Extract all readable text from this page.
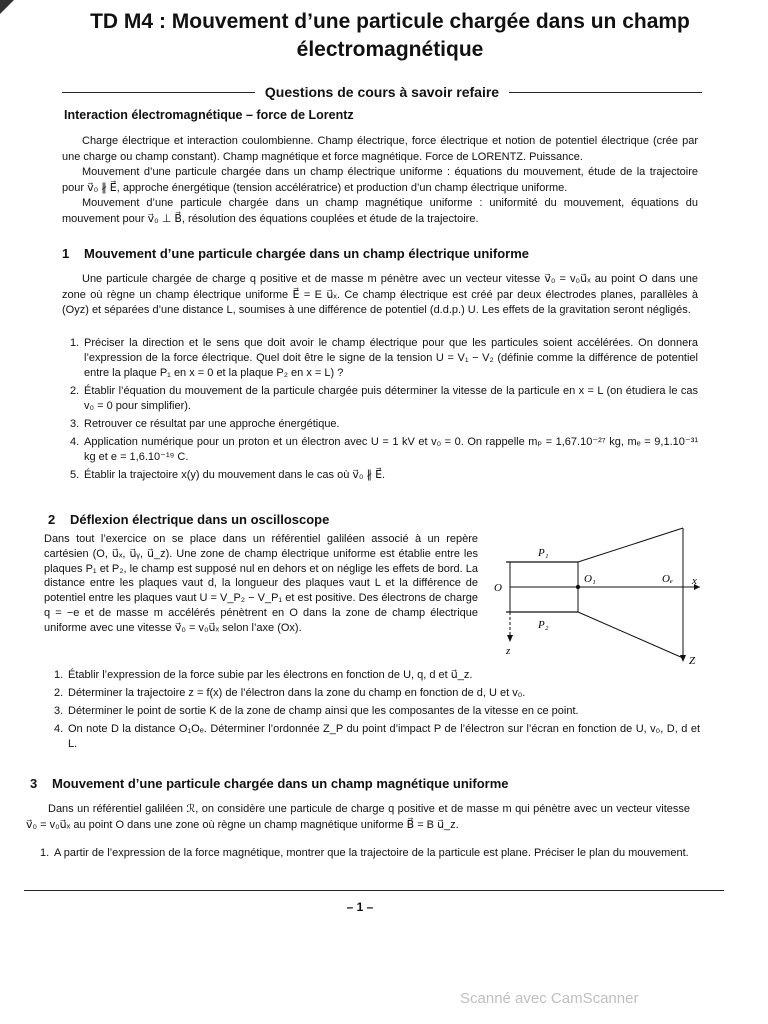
TD M4 : Mouvement d’une particule chargée dans un champ électromagnétique
Questions de cours à savoir refaire
Interaction électromagnétique – force de Lorentz

Charge électrique et interaction coulombienne. Champ électrique, force électrique et notion de potentiel électrique (crée par une charge ou champ constant). Champ magnétique et force magnétique. Force de LORENTZ. Puissance.

Mouvement d’une particule chargée dans un champ électrique uniforme : équations du mouvement, étude de la trajectoire pour v⃗₀ ∦ E⃗, approche énergétique (tension accélératrice) et production d’un champ électrique uniforme.

Mouvement d’une particule chargée dans un champ magnétique uniforme : uniformité du mouvement, équations du mouvement pour v⃗₀ ⊥ B⃗, résolution des équations couplées et étude de la trajectoire.

1 Mouvement d’une particule chargée dans un champ électrique uniforme
Une particule chargée de charge q positive et de masse m pénètre avec un vecteur vitesse v⃗₀ = v₀u⃗ₓ au point O dans une zone où règne un champ électrique uniforme E⃗ = E u⃗ₓ. Ce champ électrique est créé par deux électrodes planes, parallèles à (Oyz) et séparées d’une distance L, soumises à une différence de potentiel (d.d.p.) U. Les effets de la gravitation seront négligés.
1. Préciser la direction et le sens que doit avoir le champ électrique pour que les particules soient accélérées. On donnera l’expression de la force électrique. Quel doit être le signe de la tension U = V₁ − V₂ (définie comme la différence de potentiel entre la plaque P₁ en x = 0 et la plaque P₂ en x = L) ?
2. Établir l’équation du mouvement de la particule chargée puis déterminer la vitesse de la particule en x = L (on étudiera le cas v₀ = 0 pour simplifier).
3. Retrouver ce résultat par une approche énergétique.
4. Application numérique pour un proton et un électron avec U = 1 kV et v₀ = 0. On rappelle mₚ = 1,67.10⁻²⁷ kg, mₑ = 9,1.10⁻³¹ kg et e = 1,6.10⁻¹⁹ C.
5. Établir la trajectoire x(y) du mouvement dans le cas où v⃗₀ ∦ E⃗.
2 Déflexion électrique dans un oscilloscope
Dans tout l’exercice on se place dans un référentiel galiléen associé à un repère cartésien (O, u⃗ₓ, u⃗ᵧ, u⃗_z). Une zone de champ électrique uniforme est établie entre les plaques P₁ et P₂, le champ est supposé nul en dehors et on néglige les effets de bord. La distance entre les plaques vaut d, la longueur des plaques vaut L et la différence de potentiel entre les plaques vaut U = V_P₂ − V_P₁ et est positive. Des électrons de charge q = −e et de masse m accélérés pénètrent en O dans la zone de champ électrique uniforme avec une vitesse v⃗₀ = v₀u⃗ₓ selon l’axe (Ox).
P₁
P₂
O
O₁	Oₑ x
z
Z
1. Établir l’expression de la force subie par les électrons en fonction de U, q, d et u⃗_z.
2. Déterminer la trajectoire z = f(x) de l’électron dans la zone du champ en fonction de d, U et v₀.
3. Déterminer le point de sortie K de la zone de champ ainsi que les composantes de la vitesse en ce point.
4. On note D la distance O₁Oₑ. Déterminer l’ordonnée Z_P du point d’impact P de l’électron sur l’écran en fonction de U, v₀, D, d et L.
3 Mouvement d’une particule chargée dans un champ magnétique uniforme
Dans un référentiel galiléen ℛ, on considère une particule de charge q positive et de masse m qui pénètre avec un vecteur vitesse v⃗₀ = v₀u⃗ₓ au point O dans une zone où règne un champ magnétique uniforme B⃗ = B u⃗_z.
1. A partir de l’expression de la force magnétique, montrer que la trajectoire de la particule est plane. Préciser le plan du mouvement.
– 1 –
Scanné avec CamScanner
